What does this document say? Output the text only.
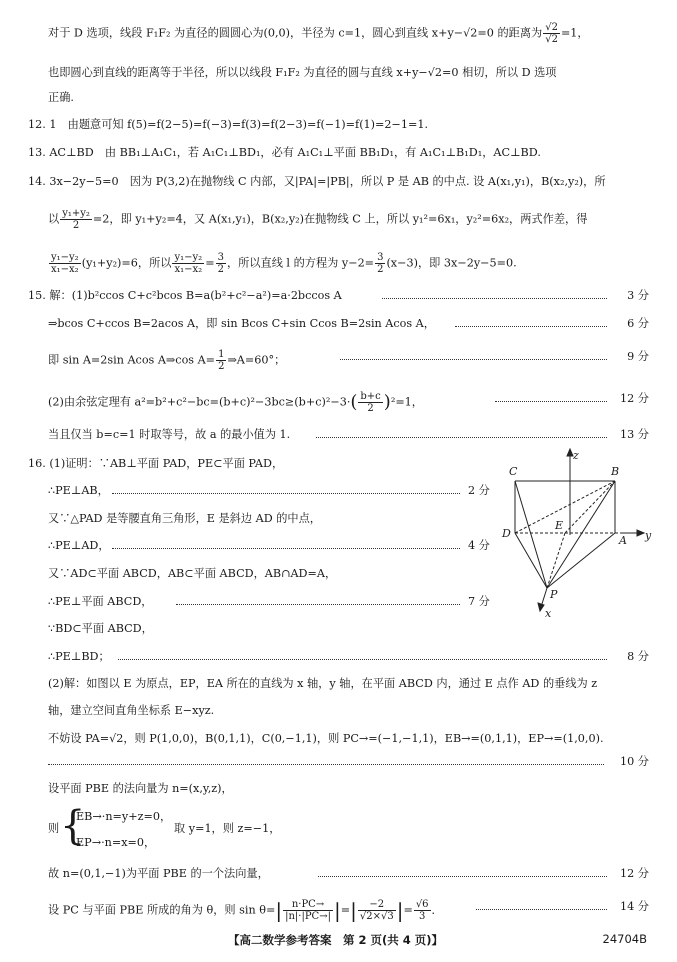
对于 D 选项，线段 F₁F₂ 为直径的圆圆心为(0,0)，半径为 c=1，圆心到直线 x+y−√2=0 的距离为 $\frac{√2}{√2} =1$，
也即圆心到直线的距离等于半径，所以以线段 F₁F₂ 为直径的圆与直线 x+y−√2=0 相切，所以 D 选项
正确.
12. 1　由题意可知 f(5)=f(2−5)=f(−3)=f(3)=f(2−3)=f(−1)=f(1)=2−1=1.
13. AC⊥BD　由 BB₁⊥A₁C₁，若 A₁C₁⊥BD₁，必有 A₁C₁⊥平面 BB₁D₁，有 A₁C₁⊥B₁D₁，AC⊥BD.
14. 3x−2y−5=0　因为 P(3,2)在抛物线 C 内部，又|PA|=|PB|，所以 P 是 AB 的中点. 设 A(x₁,y₁)，B(x₂,y₂)，所
以 $\frac{\text{y₁+y₂}}{2} =2$，即 y₁+y₂=4，又 A(x₁,y₁)，B(x₂,y₂)在抛物线 C 上，所以 y₁²=6x₁，y₂²=6x₂，两式作差，得
$\frac{\text{y₁−y₂}}{\text{x₁−x₂}} (y_1+y_2)=6$，所以 $\frac{\text{y₁−y₂}}{\text{x₁−x₂}} = \frac{3}{2}$ ，所以直线 l 的方程为 $y-2= \frac{3}{2} (x-3)$，即 3x−2y−5=0.
15. 解：(1)b²ccos C+c²bcos B=a(b²+c²−a²)=a·2bccos A	3 分
⇒bcos C+ccos B=2acos A，即 sin Bcos C+sin Ccos B=2sin Acos A，	6 分
即 sin A=2sin Acos A⇒cos $A= \frac{1}{2}$ ⇒A=60°；	9 分
(2)由余弦定理有 $a^2=b^2+c^2-bc=(b+c)^2-3bc\ge(b+c)^2-3\cdot( \frac{b+c}{2} )^2=1$，	12 分
当且仅当 b=c=1 时取等号，故 a 的最小值为 1.	13 分
16. (1)证明：∵AB⊥平面 PAD，PE⊂平面 PAD，
∴PE⊥AB，	2 分
又∵△PAD 是等腰直角三角形，E 是斜边 AD 的中点，
∴PE⊥AD，	4 分
又∵AD⊂平面 ABCD，AB⊂平面 ABCD，AB∩AD=A，
∴PE⊥平面 ABCD，	7 分
∵BD⊂平面 ABCD，
∴PE⊥BD；	8 分
(2)解：如图以 E 为原点，EP，EA 所在的直线为 x 轴，y 轴，在平面 ABCD 内，通过 E 点作 AD 的垂线为 z
轴，建立空间直角坐标系 E−xyz.
不妨设 PA=√2，则 P(1,0,0)，B(0,1,1)，C(0,−1,1)，则 PC→=(−1,−1,1)，EB→=(0,1,1)，EP→=(1,0,0).
10 分
设平面 PBE 的法向量为 n=(x,y,z)，
则 {
EB→·n=y+z=0，
EP→·n=x=0，
取 y=1，则 z=−1，
故 n=(0,1,−1)为平面 PBE 的一个法向量，	12 分
设 PC 与平面 PBE 所成的角为 θ，则 $\sin \theta=| \frac{n\cdot PC\to}{|n|\cdot|PC\to|}$ |=| $\frac{-2}{√2\times√3}$ |= $\frac{√6}{3}$ ．	14 分
C	B
D
E
A
P
y
z
x
【高二数学参考答案　第 2 页(共 4 页)】	24704B
